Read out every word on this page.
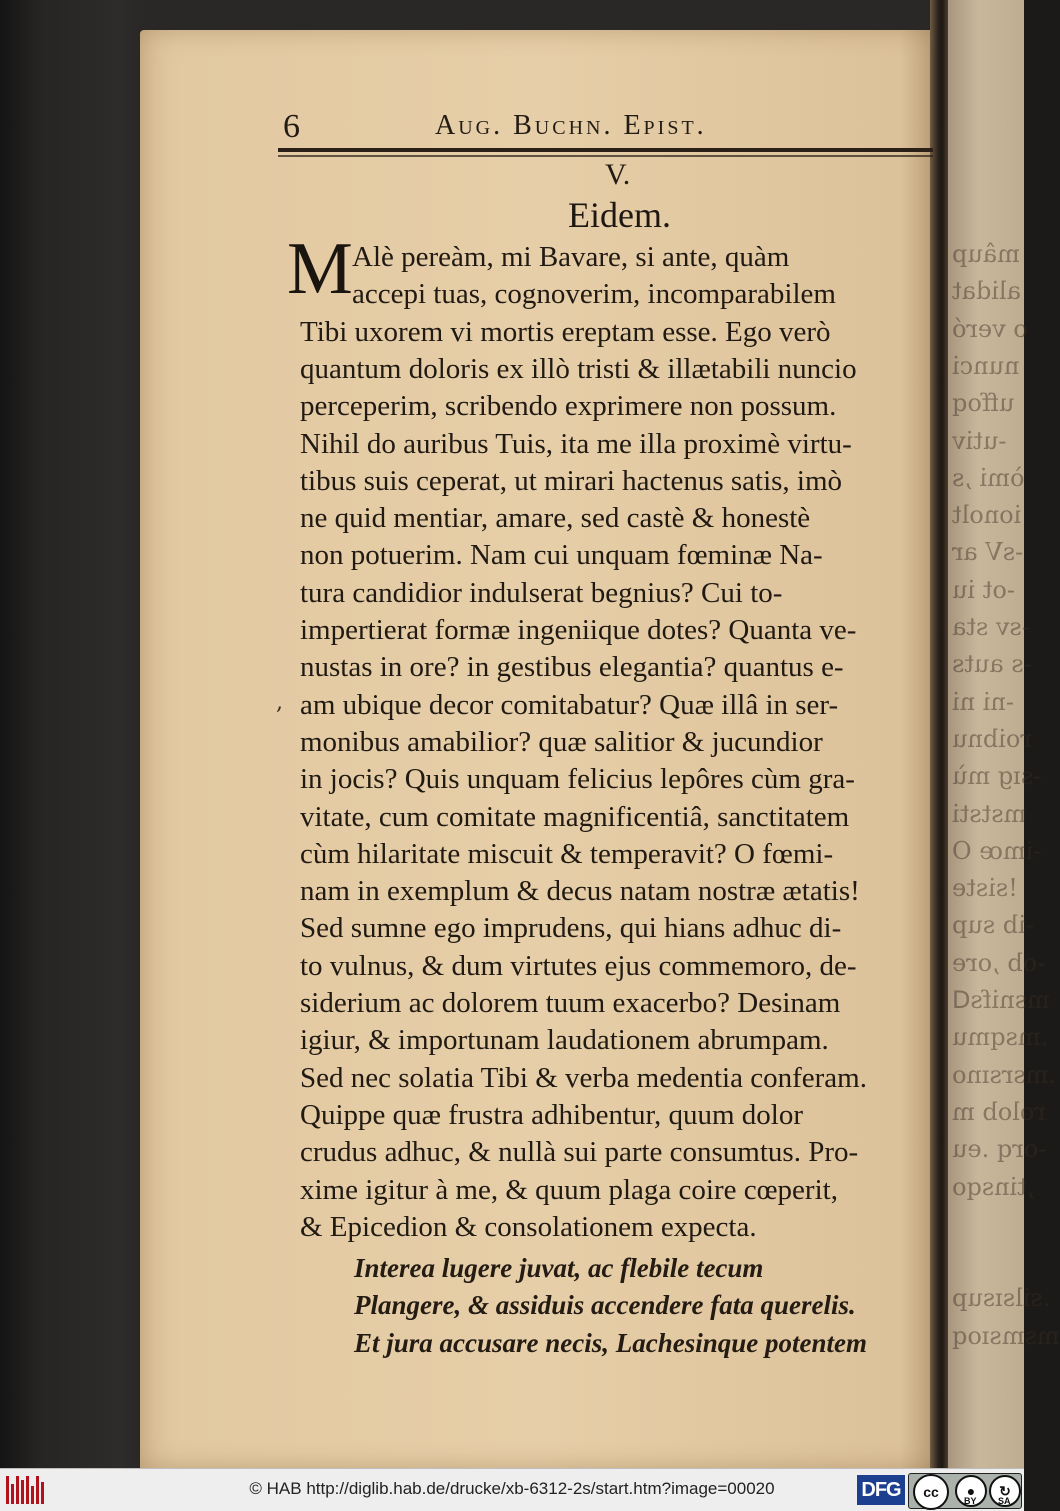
mâup
alidat
o veró
nunci
uffoq
-utiv
òmi ,s
ionolt
-sV ar
-ot iu
-sv sta
-s auts
-ni ni
roibnu
-sɪg mù
mststi
-imœ O
!siste
-ib sup
-ob ,ore
msnifsᗡ
.msqmu
.msrsɪno
rolob m
-orq .eu
,tinsqo
.silsɪsup
msmsɪoq
6	Aug. Buchn. Epist.
V.
Eidem.
M
,
Alè pereàm, mi Bavare, si ante, quàm
accepi tuas, cognoverim, incomparabilem
Tibi uxorem vi mortis ereptam esse. Ego verò
quantum doloris ex illò tristi & illætabili nuncio
perceperim, scribendo exprimere non possum.
Nihil do auribus Tuis, ita me illa proximè virtu-
tibus suis ceperat, ut mirari hactenus satis, imò
ne quid mentiar, amare, sed castè & honestè
non potuerim. Nam cui unquam fœminæ Na-
tura candidior indulserat begnius? Cui to-
impertierat formæ ingeniique dotes? Quanta ve-
nustas in ore? in gestibus elegantia? quantus e-
am ubique decor comitabatur? Quæ illâ in ser-
monibus amabilior? quæ salitior & jucundior
in jocis? Quis unquam felicius lepôres cùm gra-
vitate, cum comitate magnificentiâ, sanctitatem
cùm hilaritate miscuit & temperavit? O fœmi-
nam in exemplum & decus natam nostræ ætatis!
Sed sumne ego imprudens, qui hians adhuc di-
to vulnus, & dum virtutes ejus commemoro, de-
siderium ac dolorem tuum exacerbo? Desinam
igiur, & importunam laudationem abrumpam.
Sed nec solatia Tibi & verba medentia conferam.
Quippe quæ frustra adhibentur, quum dolor
crudus adhuc, & nullà sui parte consumtus. Pro-
xime igitur à me, & quum plaga coire cœperit,
& Epicedion & consolationem expecta.
Interea lugere juvat, ac flebile tecum
Plangere, & assiduis accendere fata querelis.
Et jura accusare necis, Lachesinque potentem
© HAB http://diglib.hab.de/drucke/xb-6312-2s/start.htm?image=00020	DFG	cc	●	↻
BY SA
